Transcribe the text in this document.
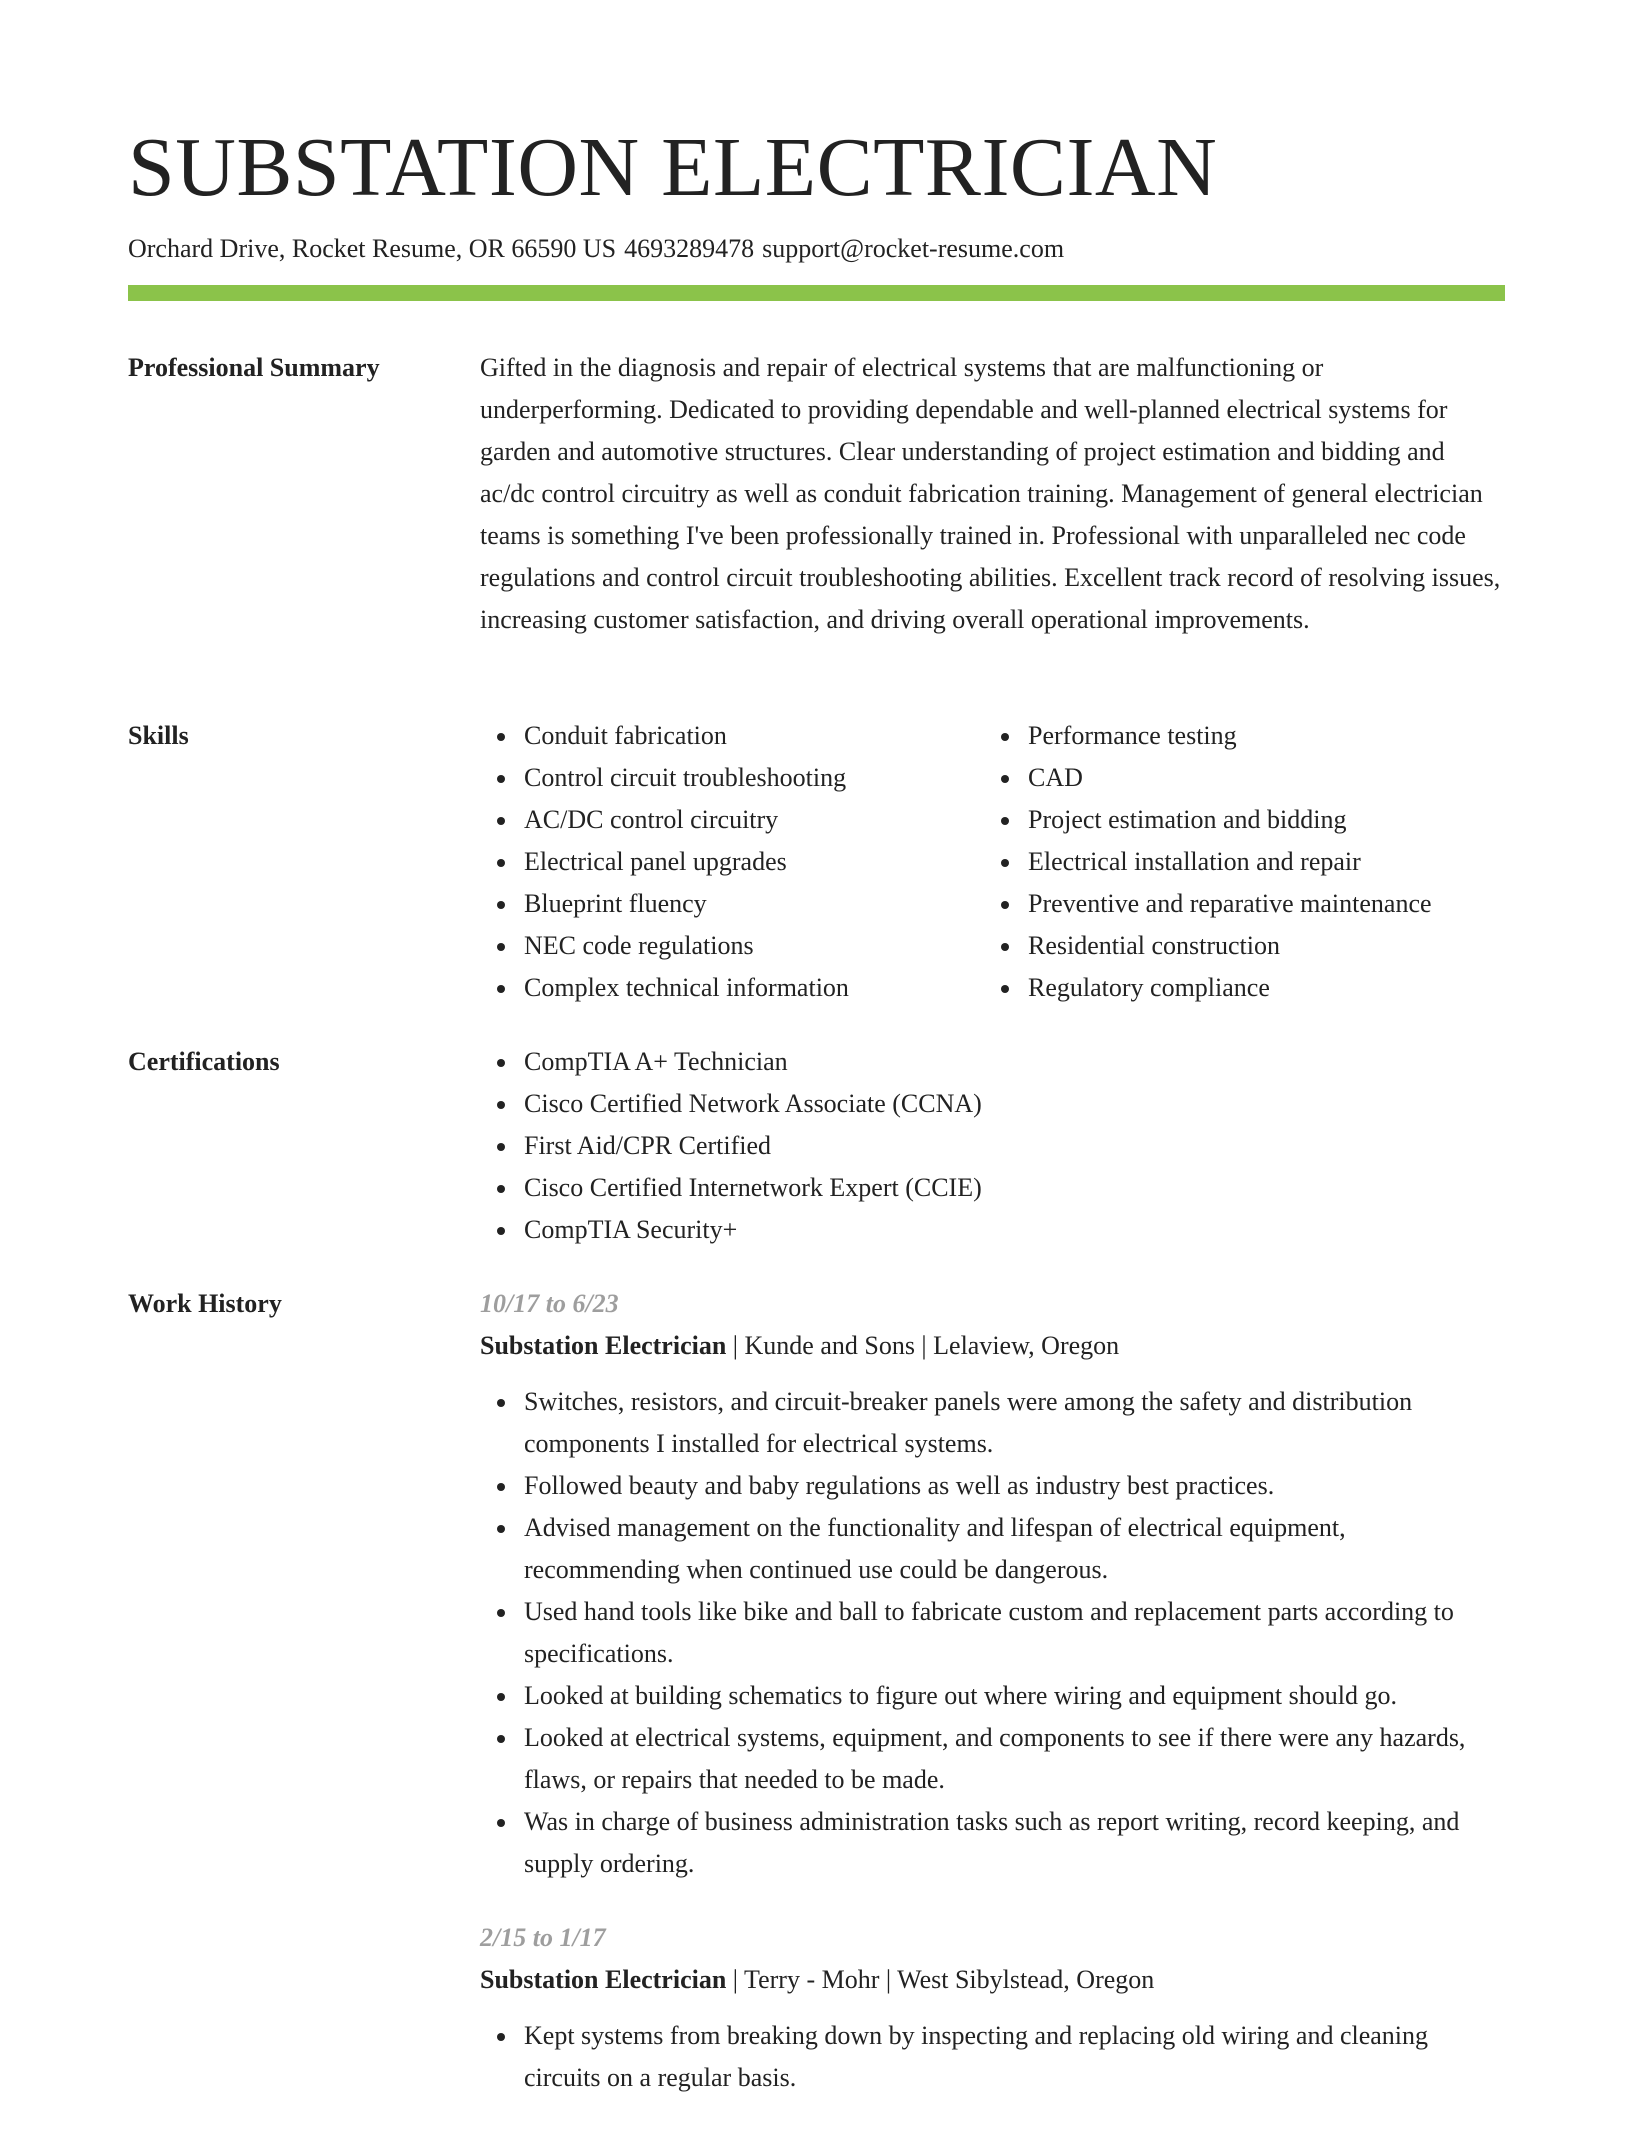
SUBSTATION ELECTRICIAN
Orchard Drive, Rocket Resume, OR 66590 US 4693289478 support@rocket-resume.com
Professional Summary	Gifted in the diagnosis and repair of electrical systems that are malfunctioning or underperforming. Dedicated to providing dependable and well-planned electrical systems for garden and automotive structures. Clear understanding of project estimation and bidding and ac/dc control circuitry as well as conduit fabrication training. Management of general electrician teams is something I've been professionally trained in. Professional with unparalleled nec code regulations and control circuit troubleshooting abilities. Excellent track record of resolving issues, increasing customer satisfaction, and driving overall operational improvements.

Skills	Conduit fabrication
Control circuit troubleshooting
AC/DC control circuitry
Electrical panel upgrades
Blueprint fluency
NEC code regulations
Complex technical information
Performance testing
CAD
Project estimation and bidding
Electrical installation and repair
Preventive and reparative maintenance
Residential construction
Regulatory compliance
Certifications	CompTIA A+ Technician
Cisco Certified Network Associate (CCNA)
First Aid/CPR Certified
Cisco Certified Internetwork Expert (CCIE)
CompTIA Security+
Work History	10/17 to 6/23
Substation Electrician | Kunde and Sons | Lelaview, Oregon
Switches, resistors, and circuit-breaker panels were among the safety and distribution components I installed for electrical systems.
Followed beauty and baby regulations as well as industry best practices.
Advised management on the functionality and lifespan of electrical equipment, recommending when continued use could be dangerous.
Used hand tools like bike and ball to fabricate custom and replacement parts according to specifications.
Looked at building schematics to figure out where wiring and equipment should go.
Looked at electrical systems, equipment, and components to see if there were any hazards, flaws, or repairs that needed to be made.
Was in charge of business administration tasks such as report writing, record keeping, and supply ordering.
2/15 to 1/17
Substation Electrician | Terry - Mohr | West Sibylstead, Oregon
Kept systems from breaking down by inspecting and replacing old wiring and cleaning circuits on a regular basis.
